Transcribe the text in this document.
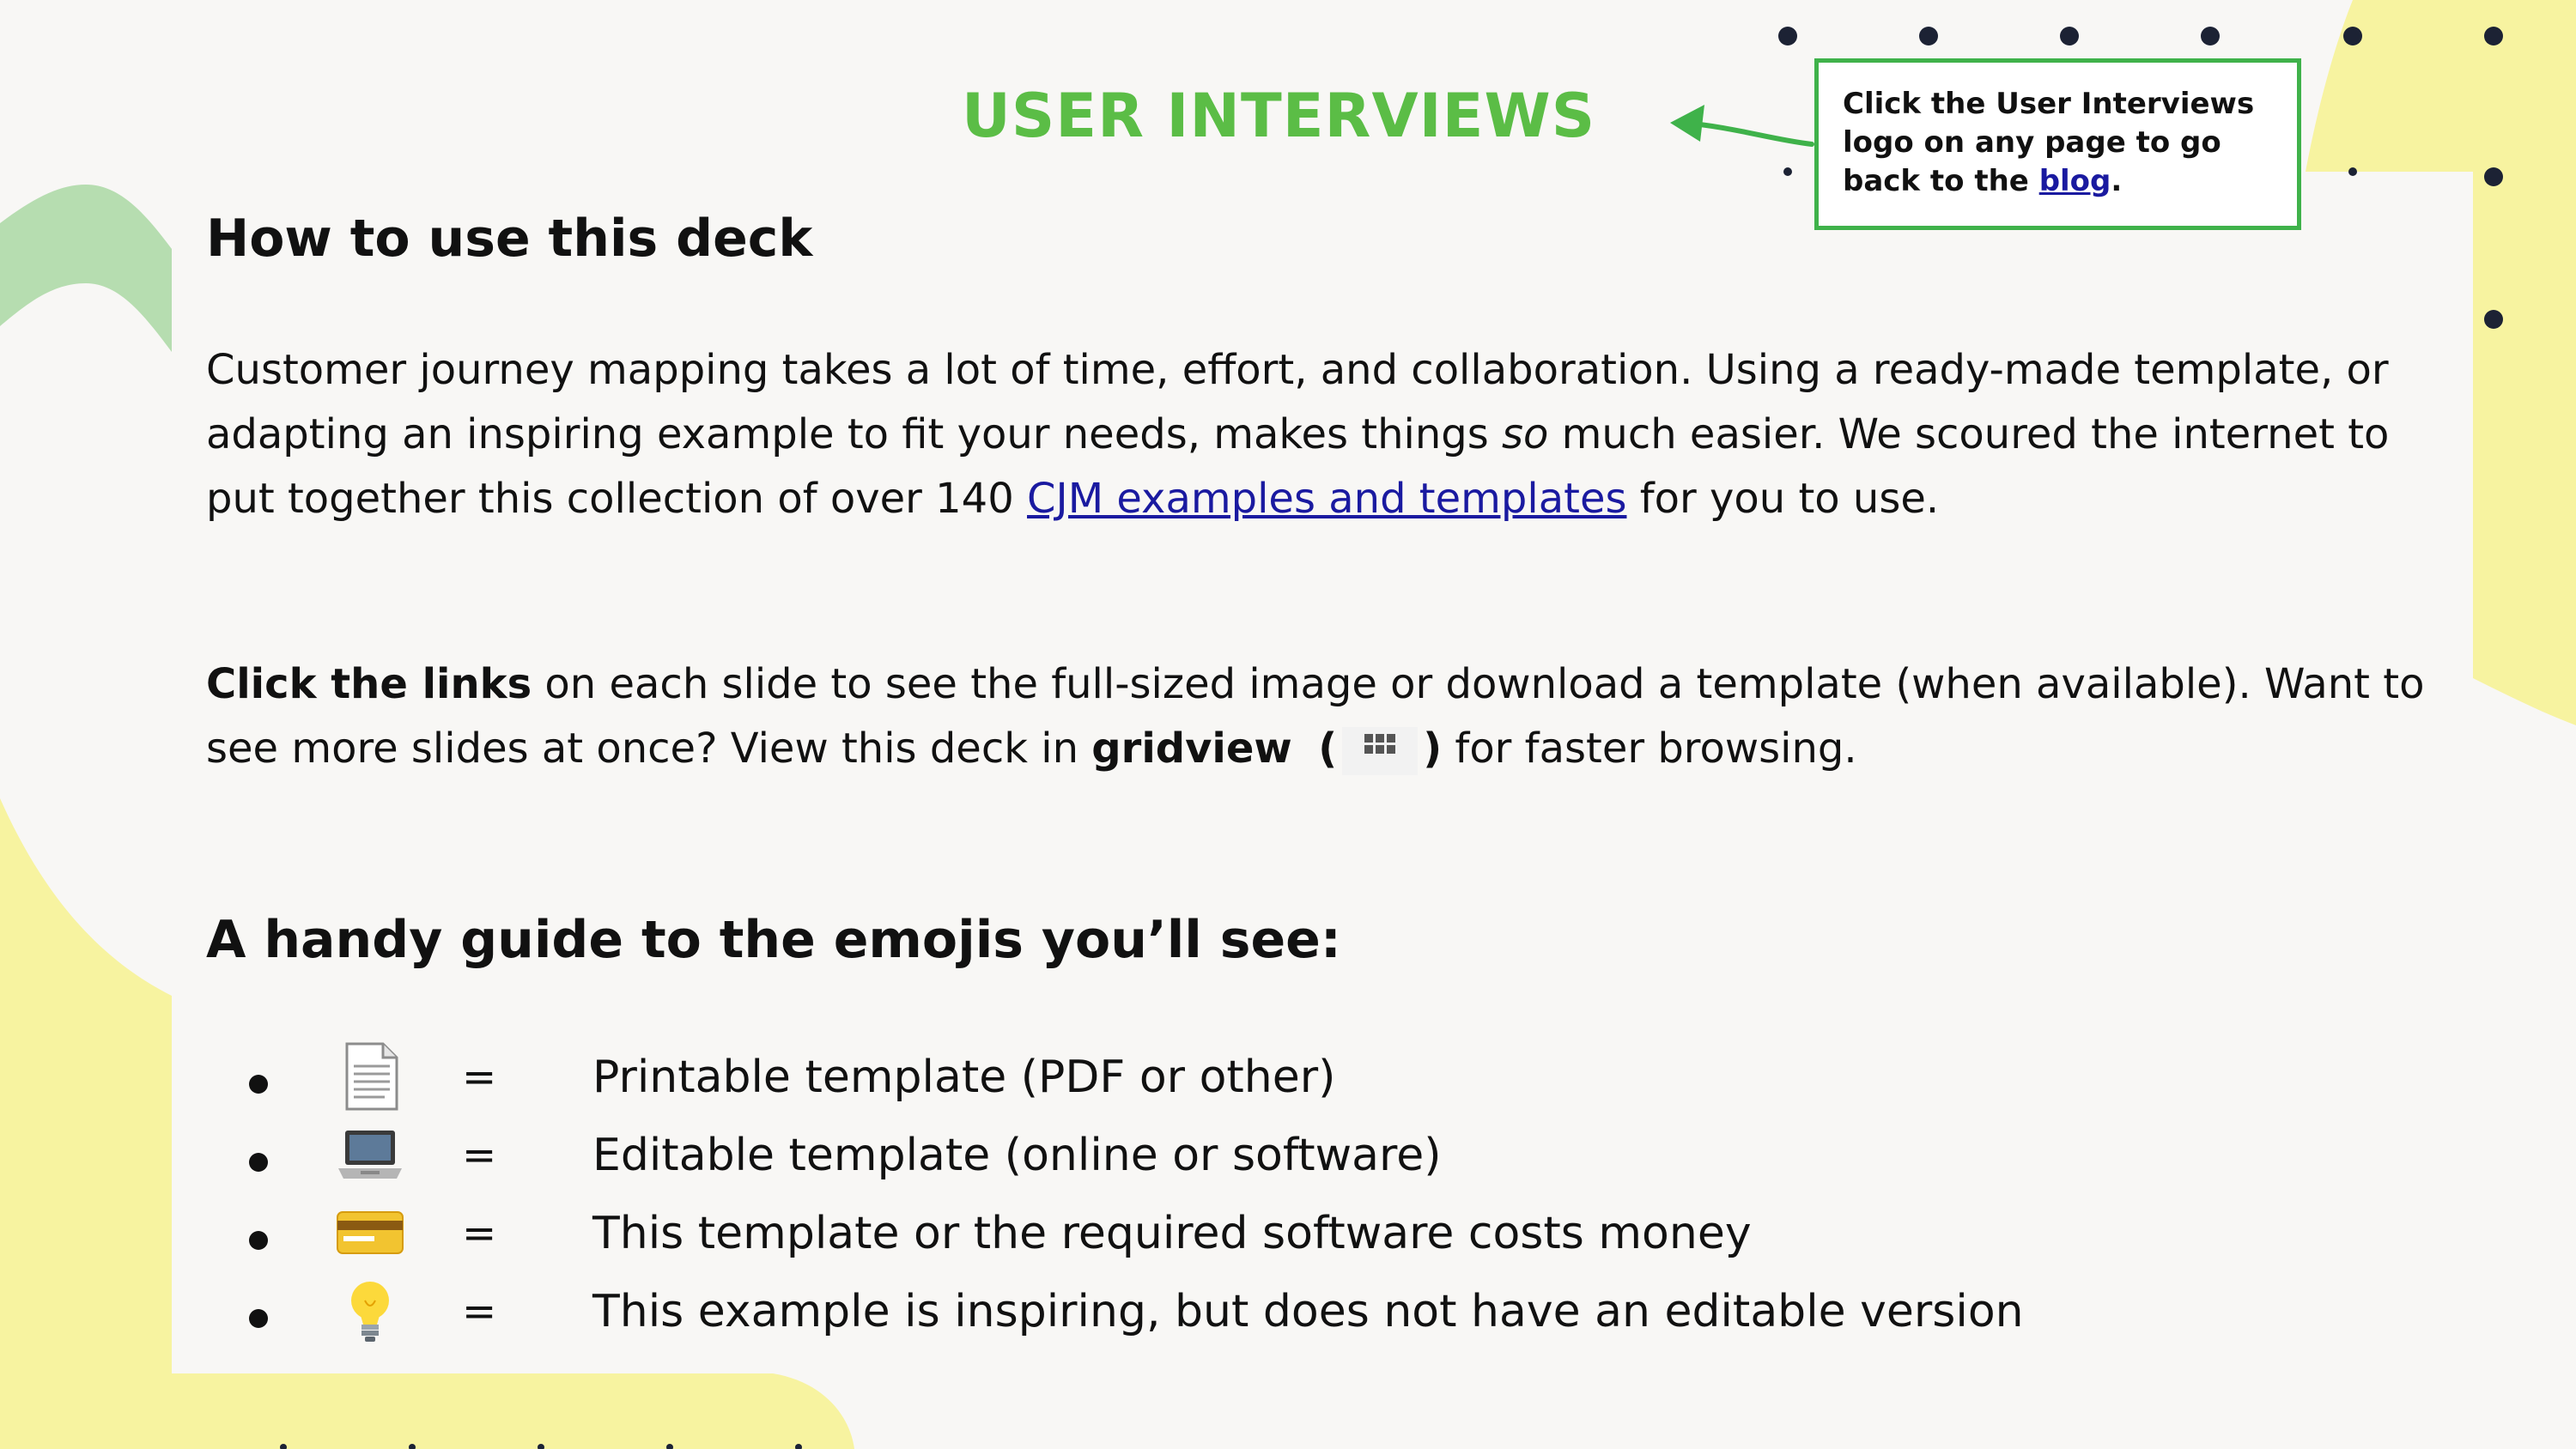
USER INTERVIEWS	Click the User Interviews logo on any page to go back to the blog.
How to use this deck
Customer journey mapping takes a lot of time, effort, and collaboration. Using a ready-made template, or adapting an inspiring example to fit your needs, makes things so much easier. We scoured the internet to put together this collection of over 140 CJM examples and templates for you to use.
Click the links on each slide to see the full-sized image or download a template (when available). Want to see more slides at once? View this deck in gridview ( ) for faster browsing.
A handy guide to the emojis you’ll see:
= Printable template (PDF or other)
= Editable template (online or software)
= This template or the required software costs money
= This example is inspiring, but does not have an editable version
